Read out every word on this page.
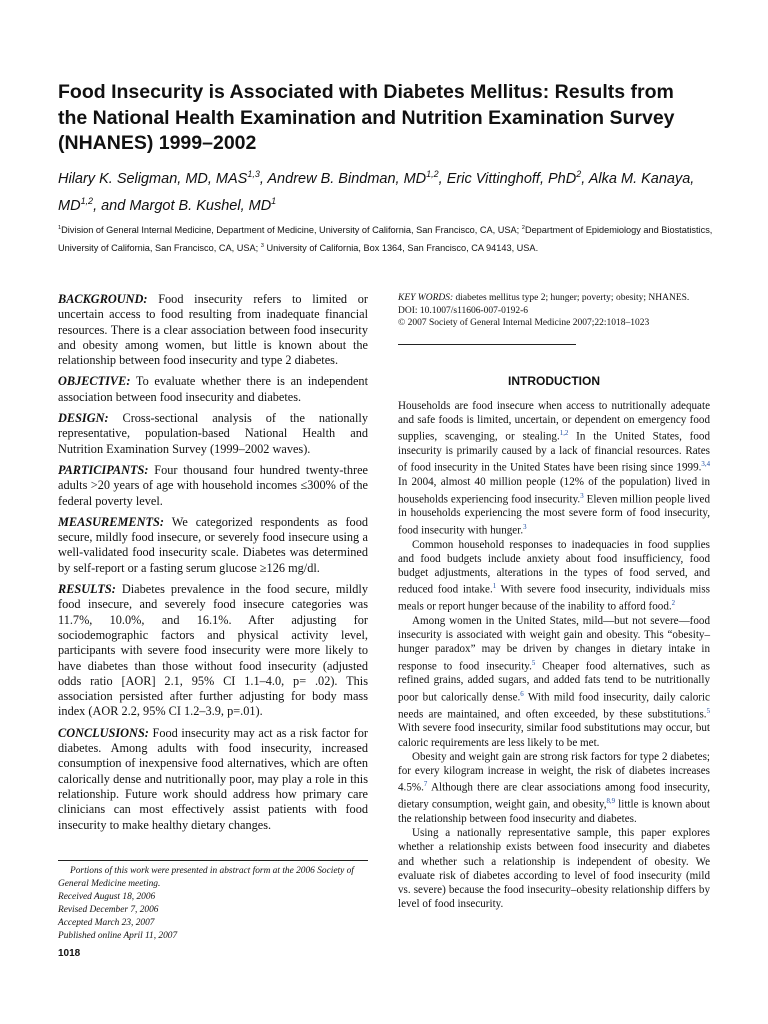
Food Insecurity is Associated with Diabetes Mellitus: Results from the National Health Examination and Nutrition Examination Survey (NHANES) 1999–2002

Hilary K. Seligman, MD, MAS$^{1,3}$, Andrew B. Bindman, MD$^{1,2}$, Eric Vittinghoff, PhD$^2$, Alka M. Kanaya, MD$^{1,2}$, and Margot B. Kushel, $MD^1$

$^1$Division of General Internal Medicine, Department of Medicine, University of California, San Francisco, CA, USA; $^2$Department of Epidemiology and Biostatistics, University of California, San Francisco, CA, USA; $^3$ University of California, Box 1364, San Francisco, CA 94143, USA.

BACKGROUND: Food insecurity refers to limited or uncertain access to food resulting from inadequate financial resources. There is a clear association between food insecurity and obesity among women, but little is known about the relationship between food insecurity and type 2 diabetes.

OBJECTIVE: To evaluate whether there is an independent association between food insecurity and diabetes.

DESIGN: Cross-sectional analysis of the nationally representative, population-based National Health and Nutrition Examination Survey (1999–2002 waves).

PARTICIPANTS: Four thousand four hundred twenty-three adults >20 years of age with household incomes ≤300% of the federal poverty level.

MEASUREMENTS: We categorized respondents as food secure, mildly food insecure, or severely food insecure using a well-validated food insecurity scale. Diabetes was determined by self-report or a fasting serum glucose ≥126 mg/dl.

RESULTS: Diabetes prevalence in the food secure, mildly food insecure, and severely food insecure categories was 11.7%, 10.0%, and 16.1%. After adjusting for sociodemographic factors and physical activity level, participants with severe food insecurity were more likely to have diabetes than those without food insecurity (adjusted odds ratio [AOR] 2.1, 95% CI 1.1–4.0, p= .02). This association persisted after further adjusting for body mass index (AOR 2.2, 95% CI 1.2–3.9, p=.01).

CONCLUSIONS: Food insecurity may act as a risk factor for diabetes. Among adults with food insecurity, increased consumption of inexpensive food alternatives, which are often calorically dense and nutritionally poor, may play a role in this relationship. Future work should address how primary care clinicians can most effectively assist patients with food insecurity to make healthy dietary changes.

Portions of this work were presented in abstract form at the 2006 Society of General Medicine meeting.

Received August 18, 2006

Revised December 7, 2006

Accepted March 23, 2007

Published online April 11, 2007

1018

KEY WORDS: diabetes mellitus type 2; hunger; poverty; obesity; NHANES.

DOI: 10.1007/s11606-007-0192-6

© 2007 Society of General Internal Medicine 2007;22:1018–1023

INTRODUCTION

Households are food insecure when access to nutritionally adequate and safe foods is limited, uncertain, or dependent on emergency food supplies, scavenging, or stealing.$^{1,2}$ In the United States, food insecurity is primarily caused by a lack of financial resources. Rates of food insecurity in the United States have been rising since 1999.$^{3,4}$ In 2004, almost 40 million people (12% of the population) lived in households experiencing food insecurity.$^3$ Eleven million people lived in households experiencing the most severe form of food insecurity, food insecurity with hunger.$^3$

Common household responses to inadequacies in food supplies and food budgets include anxiety about food insufficiency, food budget adjustments, alterations in the types of food served, and reduced food intake.$^1$ With severe food insecurity, individuals miss meals or report hunger because of the inability to afford food.$^2$

Among women in the United States, mild—but not severe—food insecurity is associated with weight gain and obesity. This “obesity–hunger paradox” may be driven by changes in dietary intake in response to food insecurity.$^5$ Cheaper food alternatives, such as refined grains, added sugars, and added fats tend to be nutritionally poor but calorically dense.$^6$ With mild food insecurity, daily caloric needs are maintained, and often exceeded, by these substitutions.$^5$ With severe food insecurity, similar food substitutions may occur, but caloric requirements are less likely to be met.

Obesity and weight gain are strong risk factors for type 2 diabetes; for every kilogram increase in weight, the risk of diabetes increases 4.5%.$^7$ Although there are clear associations among food insecurity, dietary consumption, weight gain, and obesity,$^{8,9}$ little is known about the relationship between food insecurity and diabetes.

Using a nationally representative sample, this paper explores whether a relationship exists between food insecurity and diabetes and whether such a relationship is independent of obesity. We evaluate risk of diabetes according to level of food insecurity (mild vs. severe) because the food insecurity–obesity relationship differs by level of food insecurity.
